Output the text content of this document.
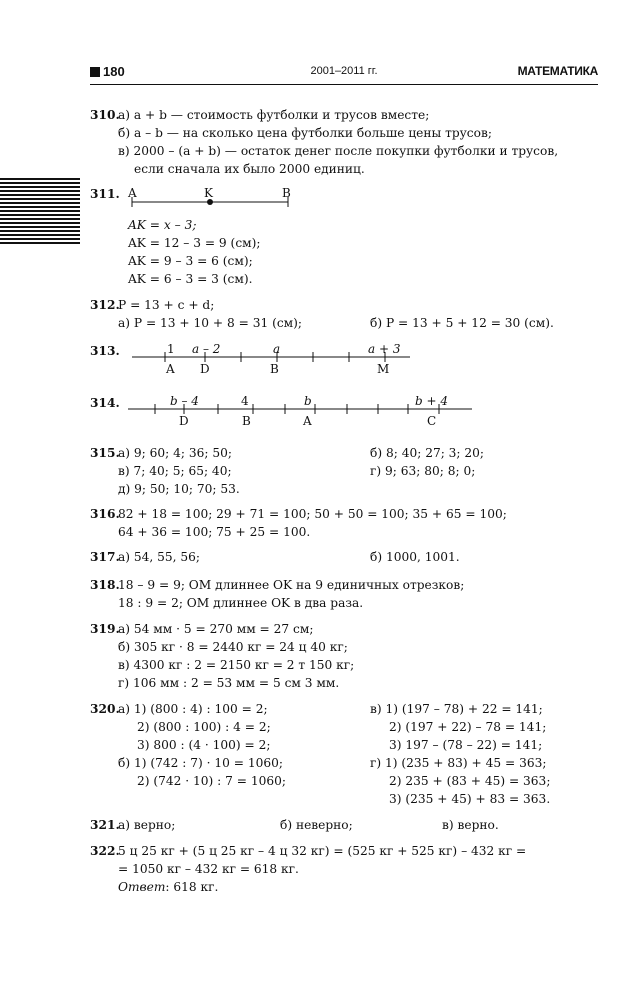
180	2001–2011 гг.	МАТЕМАТИКА
310.
а) a + b — стоимость футболки и трусов вместе;
б) a – b — на сколько цена футболки больше цены трусов;
в) 2000 – (a + b) — остаток денег после покупки футболки и трусов,
если сначала их было 2000 единиц.
311. A	K	B
AK = x – 3;
AK = 12 – 3 = 9 (см);
AK = 9 – 3 = 6 (см);
AK = 6 – 3 = 3 (см).
312.
P = 13 + c + d;
а) P = 13 + 10 + 8 = 31 (см);	б) P = 13 + 5 + 12 = 30 (см).
313.	1 a – 2	a	a + 3
A D	B	M
314.	b – 4	4	b	b + 4
D	B	A	C
315.
а) 9; 60; 4; 36; 50;	б) 8; 40; 27; 3; 20;
в) 7; 40; 5; 65; 40;	г) 9; 63; 80; 8; 0;
д) 9; 50; 10; 70; 53.
316.
82 + 18 = 100; 29 + 71 = 100; 50 + 50 = 100; 35 + 65 = 100;
64 + 36 = 100; 75 + 25 = 100.
317.
а) 54, 55, 56;	б) 1000, 1001.
318.
18 – 9 = 9; OM длиннее OK на 9 единичных отрезков;
18 : 9 = 2; OM длиннее OK в два раза.
319.
а) 54 мм · 5 = 270 мм = 27 см;
б) 305 кг · 8 = 2440 кг = 24 ц 40 кг;
в) 4300 кг : 2 = 2150 кг = 2 т 150 кг;
г) 106 мм : 2 = 53 мм = 5 см 3 мм.
320.
а) 1) (800 : 4) : 100 = 2;
2) (800 : 100) : 4 = 2;
3) 800 : (4 · 100) = 2;
б) 1) (742 : 7) · 10 = 1060;
2) (742 · 10) : 7 = 1060;
в) 1) (197 – 78) + 22 = 141;
2) (197 + 22) – 78 = 141;
3) 197 – (78 – 22) = 141;
г) 1) (235 + 83) + 45 = 363;
2) 235 + (83 + 45) = 363;
3) (235 + 45) + 83 = 363.
321.
а) верно;	б) неверно;	в) верно.
322.
5 ц 25 кг + (5 ц 25 кг – 4 ц 32 кг) = (525 кг + 525 кг) – 432 кг =
= 1050 кг – 432 кг = 618 кг.
Ответ: 618 кг.
